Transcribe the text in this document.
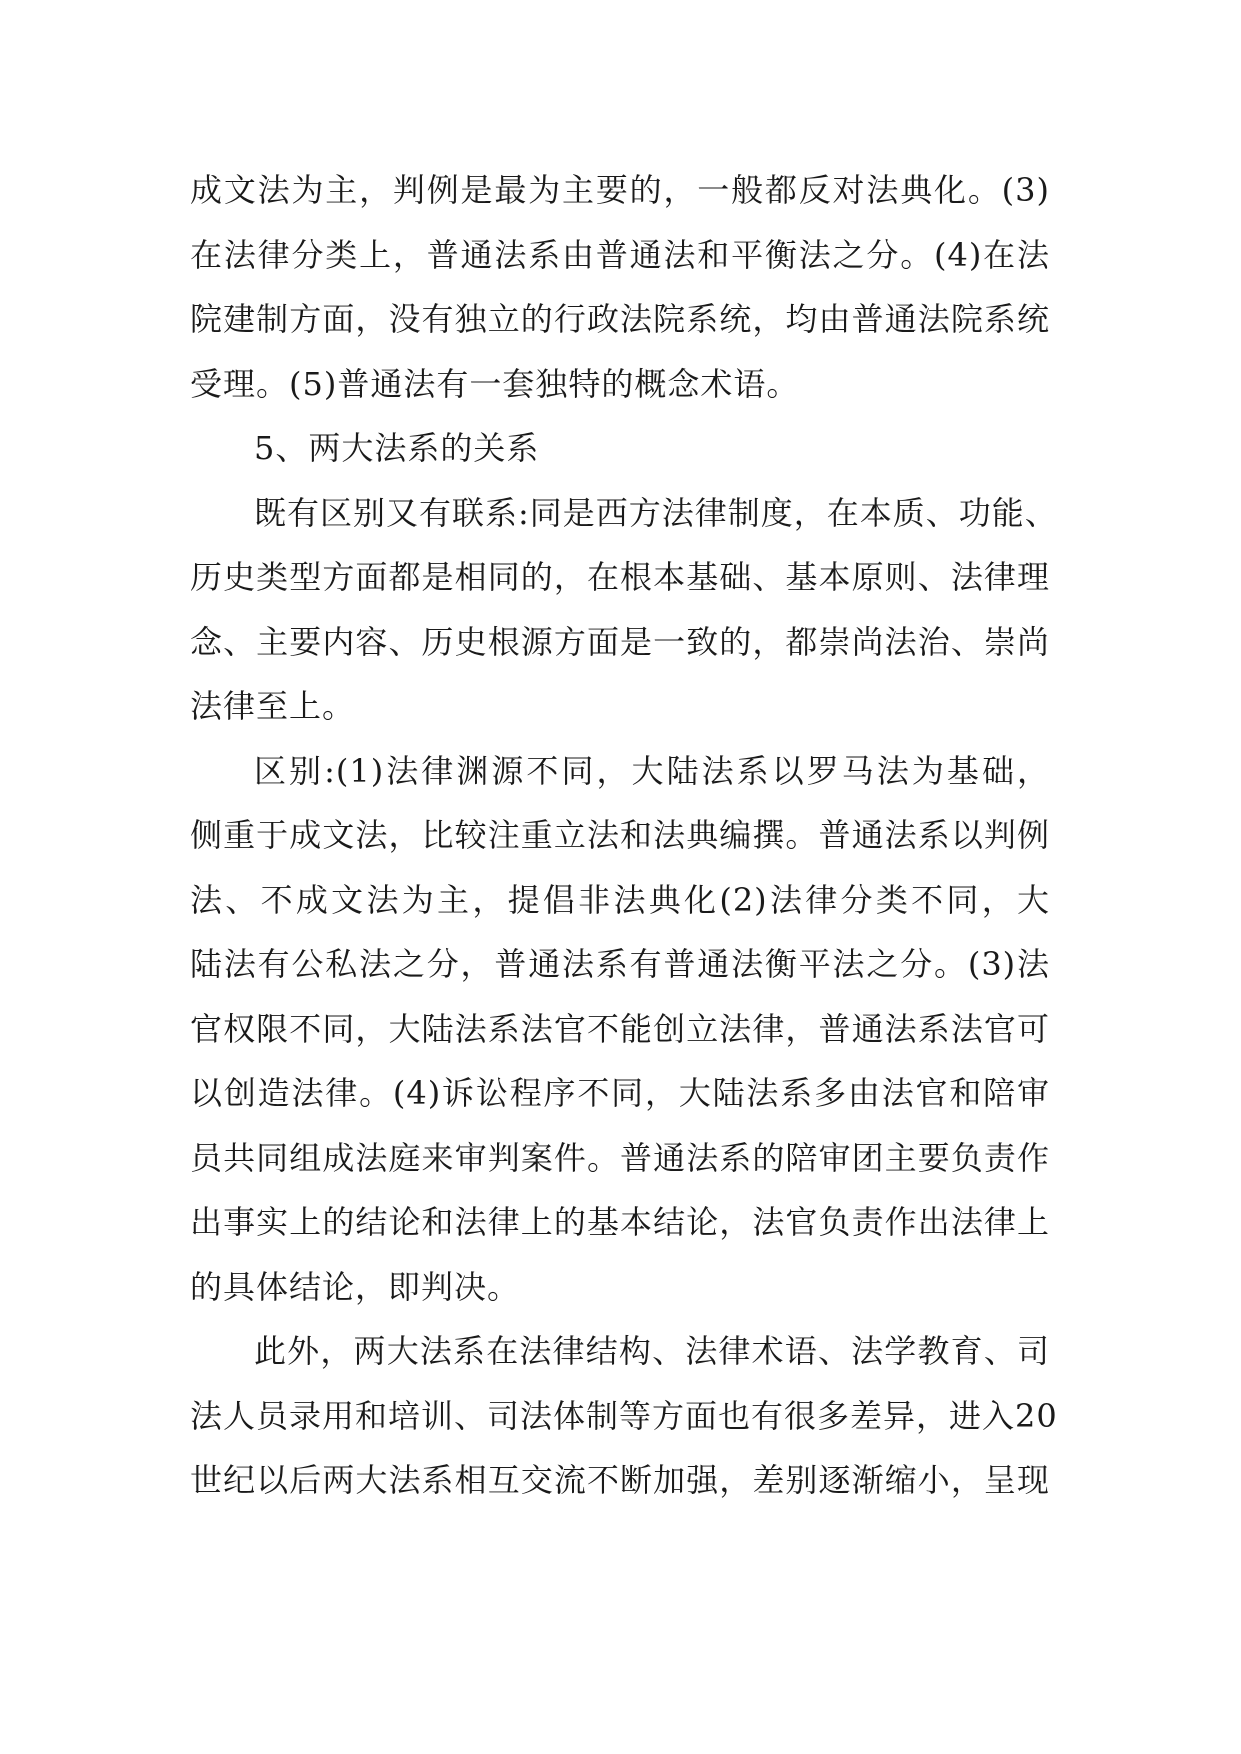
成文法为主，判例是最为主要的，一般都反对法典化。(3)
在法律分类上，普通法系由普通法和平衡法之分。(4)在法
院建制方面，没有独立的行政法院系统，均由普通法院系统
受理。(5)普通法有一套独特的概念术语。
5、两大法系的关系
既有区别又有联系:同是西方法律制度，在本质、功能、
历史类型方面都是相同的，在根本基础、基本原则、法律理
念、主要内容、历史根源方面是一致的，都崇尚法治、崇尚
法律至上。
区别:(1)法律渊源不同，大陆法系以罗马法为基础，
侧重于成文法，比较注重立法和法典编撰。普通法系以判例
法、不成文法为主，提倡非法典化(2)法律分类不同，大
陆法有公私法之分，普通法系有普通法衡平法之分。(3)法
官权限不同，大陆法系法官不能创立法律，普通法系法官可
以创造法律。(4)诉讼程序不同，大陆法系多由法官和陪审
员共同组成法庭来审判案件。普通法系的陪审团主要负责作
出事实上的结论和法律上的基本结论，法官负责作出法律上
的具体结论，即判决。
此外，两大法系在法律结构、法律术语、法学教育、司
法人员录用和培训、司法体制等方面也有很多差异，进入20
世纪以后两大法系相互交流不断加强，差别逐渐缩小，呈现
